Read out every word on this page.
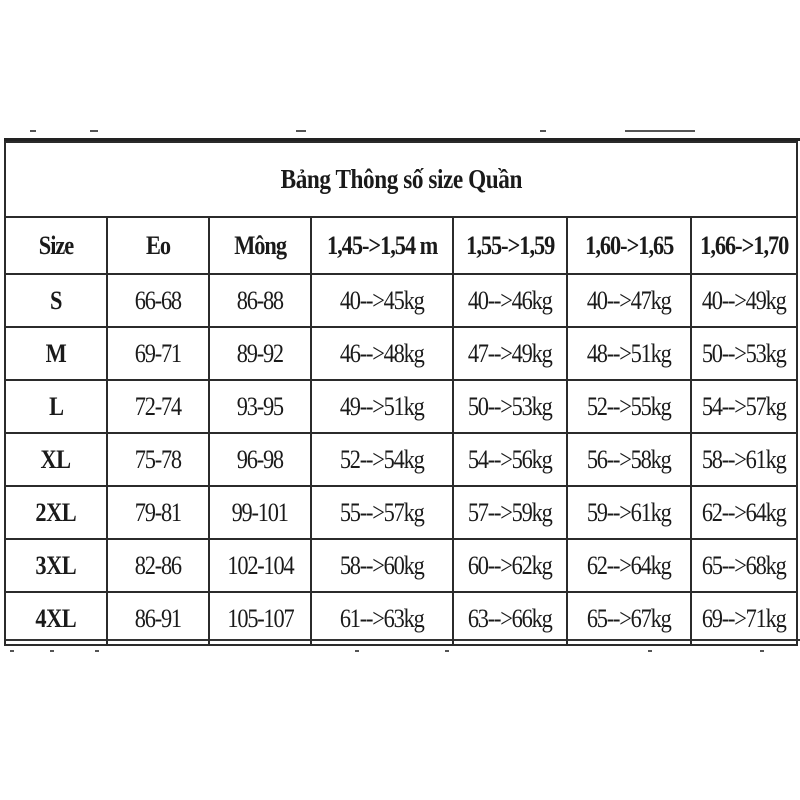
Bảng Thông số size Quần						
Size	Eo	Mông	1,45->1,54 m	1,55->1,59	1,60->1,65	1,66->1,70
S	66-68	86-88	40-->45kg	40-->46kg	40-->47kg	40-->49kg
M	69-71	89-92	46-->48kg	47-->49kg	48-->51kg	50-->53kg
L	72-74	93-95	49-->51kg	50-->53kg	52-->55kg	54-->57kg
XL	75-78	96-98	52-->54kg	54-->56kg	56-->58kg	58-->61kg
2XL	79-81	99-101	55-->57kg	57-->59kg	59-->61kg	62-->64kg
3XL	82-86	102-104	58-->60kg	60-->62kg	62-->64kg	65-->68kg
4XL	86-91	105-107	61-->63kg	63-->66kg	65-->67kg	69-->71kg
